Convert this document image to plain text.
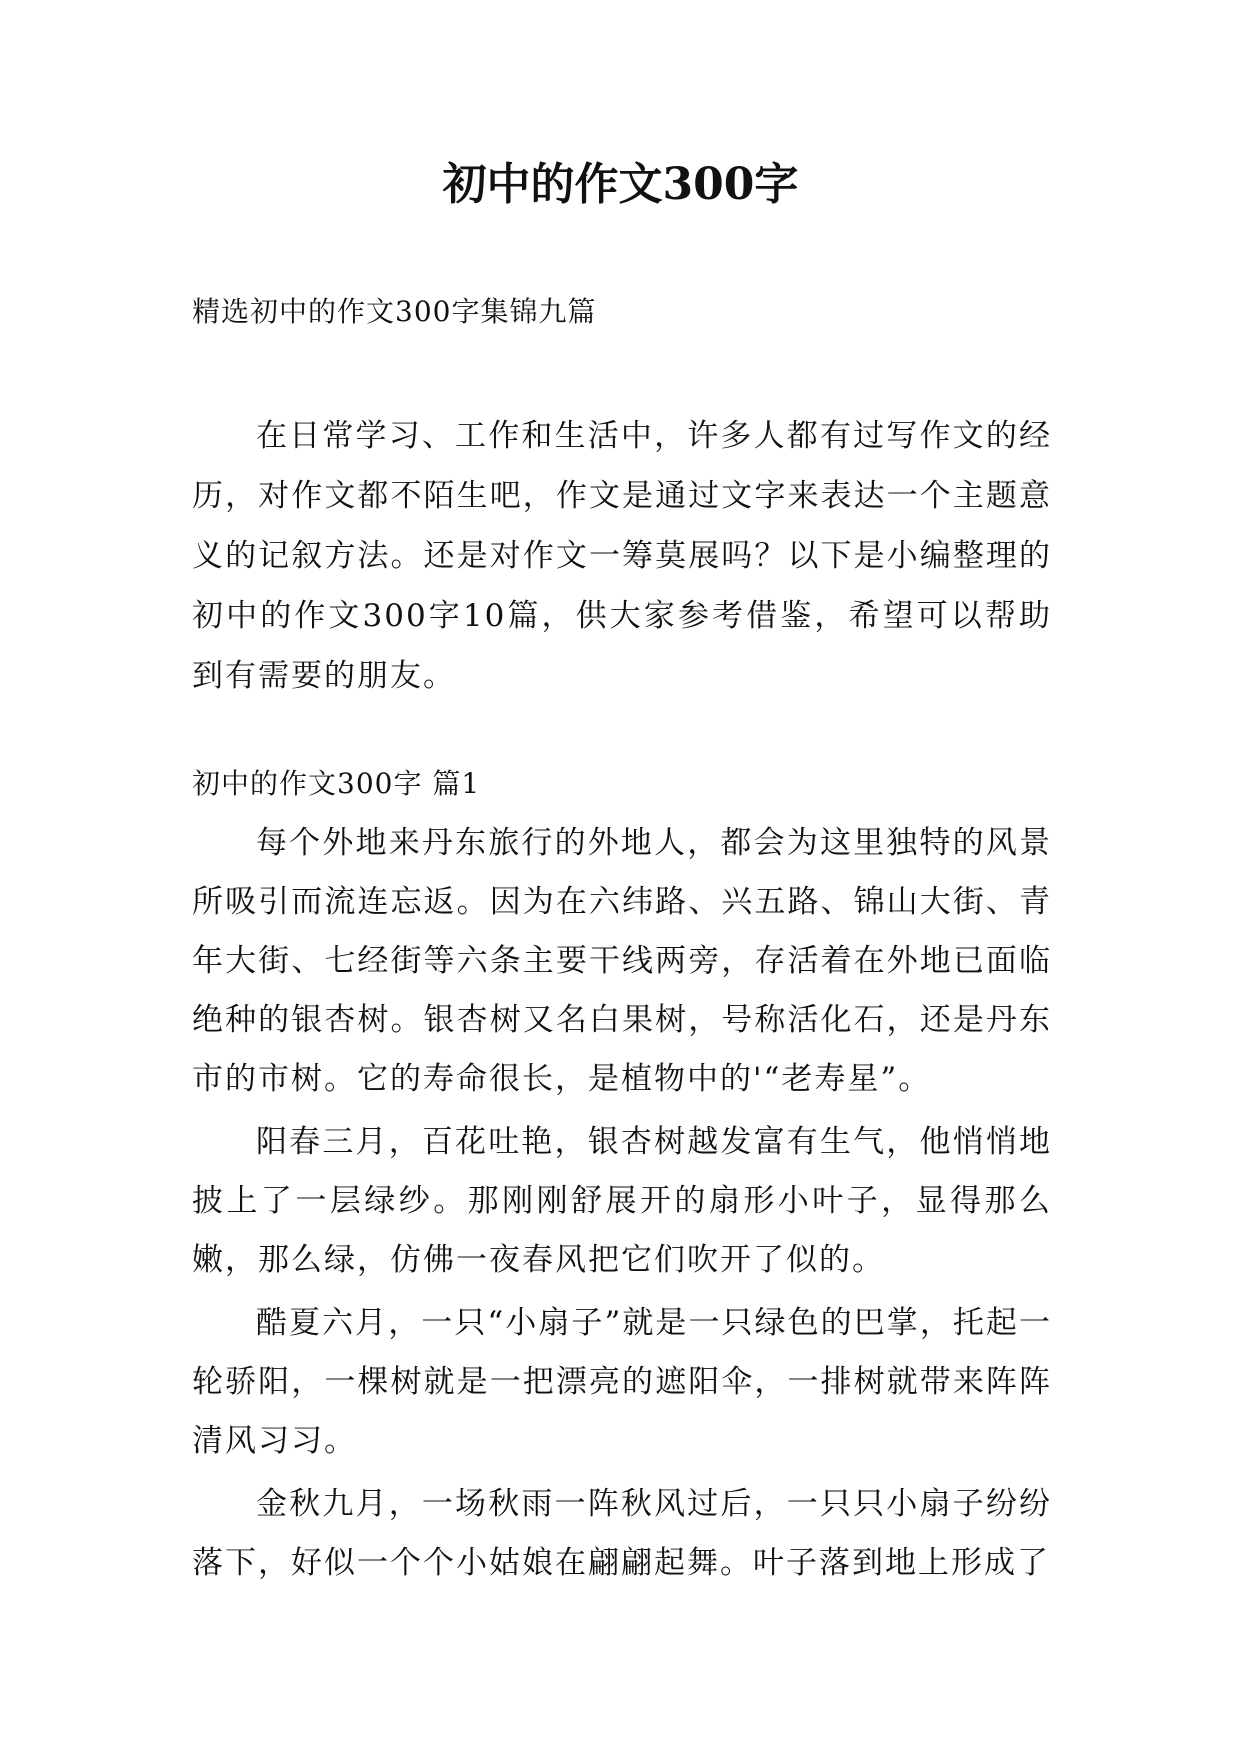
初中的作文300字
精选初中的作文300字集锦九篇

在日常学习、工作和生活中，许多人都有过写作文的经历，对作文都不陌生吧，作文是通过文字来表达一个主题意义的记叙方法。还是对作文一筹莫展吗？以下是小编整理的初中的作文300字10篇，供大家参考借鉴，希望可以帮助到有需要的朋友。

初中的作文300字 篇1

每个外地来丹东旅行的外地人，都会为这里独特的风景所吸引而流连忘返。因为在六纬路、兴五路、锦山大街、青年大街、七经街等六条主要干线两旁，存活着在外地已面临绝种的银杏树。银杏树又名白果树，号称活化石，还是丹东市的市树。它的寿命很长，是植物中的'“老寿星”。

阳春三月，百花吐艳，银杏树越发富有生气，他悄悄地披上了一层绿纱。那刚刚舒展开的扇形小叶子，显得那么嫩，那么绿，仿佛一夜春风把它们吹开了似的。

酷夏六月，一只“小扇子”就是一只绿色的巴掌，托起一轮骄阳，一棵树就是一把漂亮的遮阳伞，一排树就带来阵阵清风习习。

金秋九月，一场秋雨一阵秋风过后，一只只小扇子纷纷落下，好似一个个小姑娘在翩翩起舞。叶子落到地上形成了
